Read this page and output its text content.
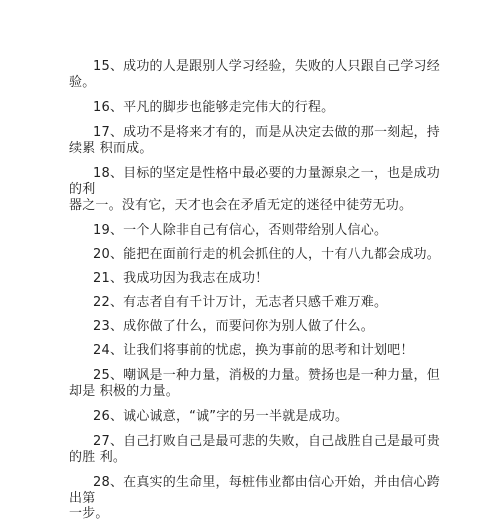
15、成功的人是跟别人学习经验，失败的人只跟自己学习经
验。
16、平凡的脚步也能够走完伟大的行程。
17、成功不是将来才有的，而是从决定去做的那一刻起，持
续累 积而成。
18、目标的坚定是性格中最必要的力量源泉之一，也是成功
的利
器之一。没有它，天才也会在矛盾无定的迷径中徒劳无功。
19、一个人除非自己有信心，否则带给别人信心。
20、能把在面前行走的机会抓住的人，十有八九都会成功。
21、我成功因为我志在成功！
22、有志者自有千计万计，无志者只感千难万难。
23、成你做了什么，而要问你为别人做了什么。
24、让我们将事前的忧虑，换为事前的思考和计划吧！
25、嘲讽是一种力量，消极的力量。赞扬也是一种力量，但
却是 积极的力量。
26、诚心诚意，“诚”字的另一半就是成功。
27、自己打败自己是最可悲的失败，自己战胜自己是最可贵
的胜 利。
28、在真实的生命里，每桩伟业都由信心开始，并由信心跨
出第
一步。
